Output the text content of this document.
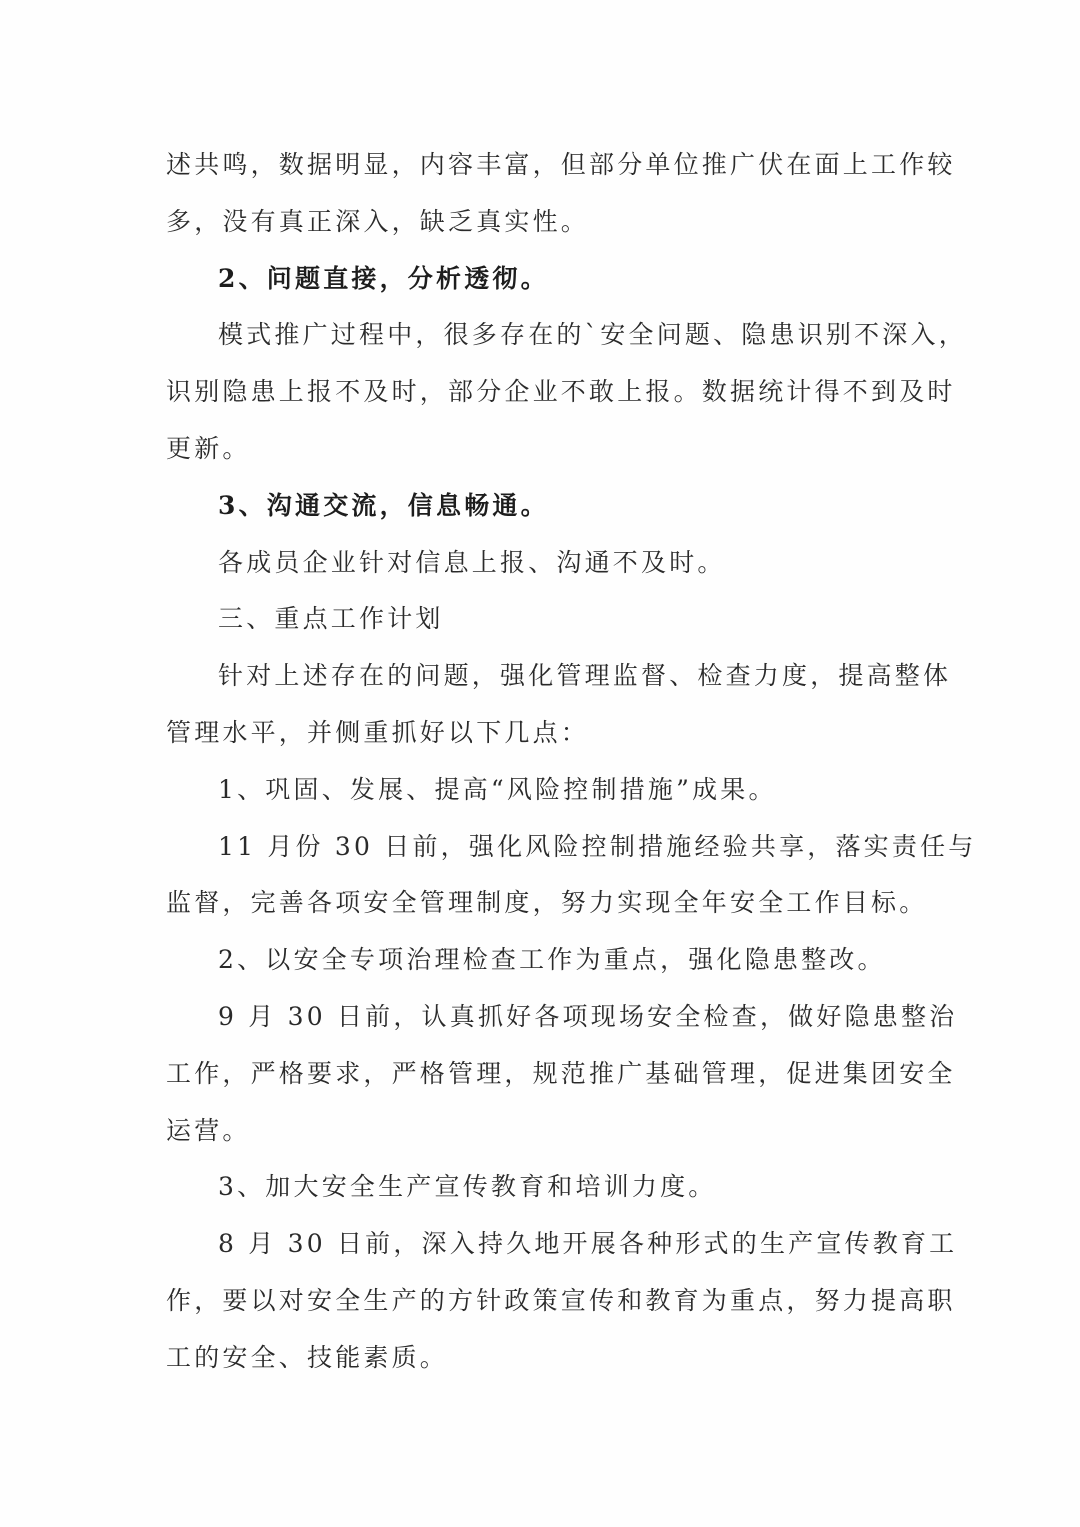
述共鸣，数据明显，内容丰富，但部分单位推广伏在面上工作较

多，没有真正深入，缺乏真实性。

2、问题直接，分析透彻。

模式推广过程中，很多存在的`安全问题、隐患识别不深入，

识别隐患上报不及时，部分企业不敢上报。数据统计得不到及时

更新。

3、沟通交流，信息畅通。

各成员企业针对信息上报、沟通不及时。

三、重点工作计划

针对上述存在的问题，强化管理监督、检查力度，提高整体

管理水平，并侧重抓好以下几点：

1、巩固、发展、提高“风险控制措施”成果。

11 月份 30 日前，强化风险控制措施经验共享，落实责任与

监督，完善各项安全管理制度，努力实现全年安全工作目标。

2、以安全专项治理检查工作为重点，强化隐患整改。

9 月 30 日前，认真抓好各项现场安全检查，做好隐患整治

工作，严格要求，严格管理，规范推广基础管理，促进集团安全

运营。

3、加大安全生产宣传教育和培训力度。

8 月 30 日前，深入持久地开展各种形式的生产宣传教育工

作，要以对安全生产的方针政策宣传和教育为重点，努力提高职

工的安全、技能素质。
